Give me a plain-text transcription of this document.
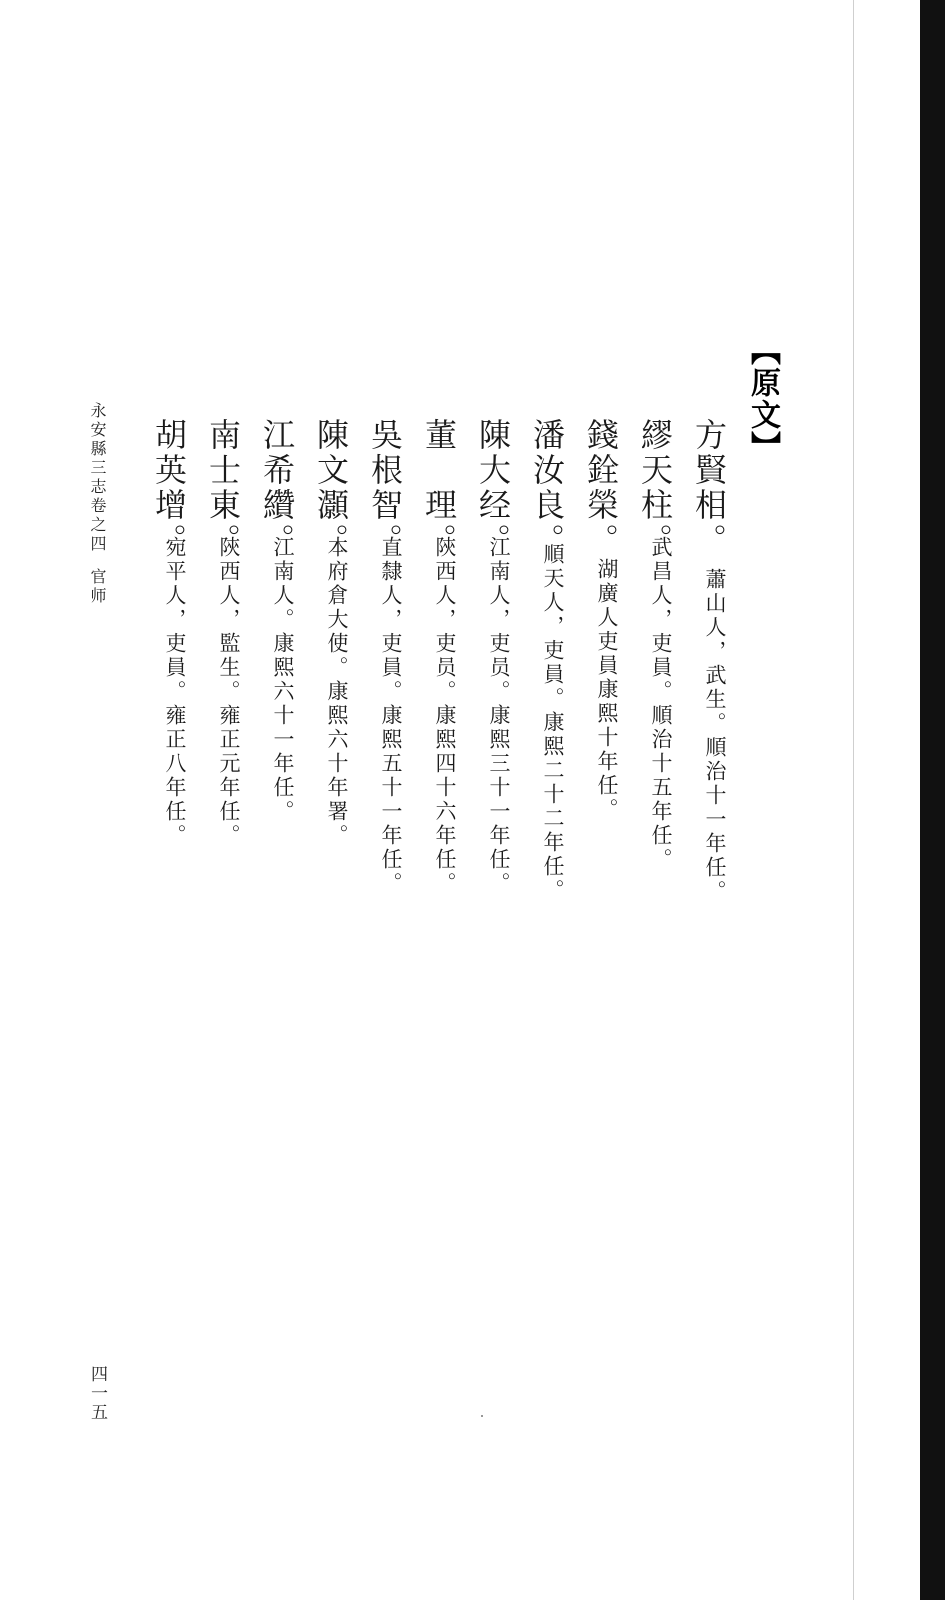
【原文】
方賢相。
蕭山人，武生。順治十一年任。
繆天柱。
武昌人，吏員。順治十五年任。
錢銓榮。
湖廣人吏員康熙十年任。
潘汝良。
順天人，吏員。康熙二十二年任。
陳大经。
江南人，吏员。康熙三十一年任。
董　理。
陝西人，吏员。康熙四十六年任。
吳根智。
直隸人，吏員。康熙五十一年任。
陳文灝。
本府倉大使。康熙六十年署。
江希纘。
江南人。康熙六十一年任。
南士東。
陝西人，監生。雍正元年任。
胡英增。
宛平人，吏員。雍正八年任。
永安縣三志卷之四官师
四一五
